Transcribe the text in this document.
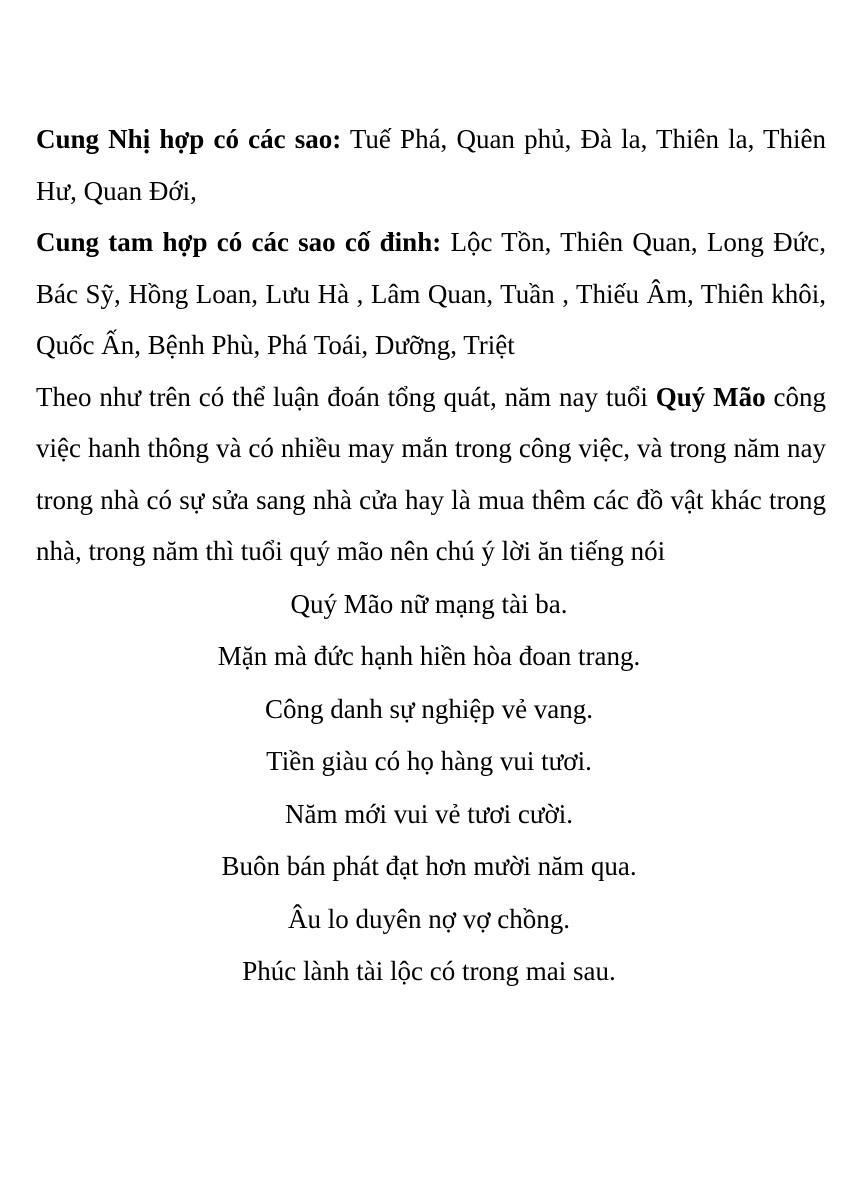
Cung Nhị hợp có các sao: Tuế Phá, Quan phủ, Đà la, Thiên la, Thiên Hư, Quan Đới,

Cung tam hợp có các sao cố đinh: Lộc Tồn, Thiên Quan, Long Đức, Bác Sỹ, Hồng Loan, Lưu Hà , Lâm Quan, Tuần , Thiếu Âm, Thiên khôi, Quốc Ấn, Bệnh Phù, Phá Toái, Dưỡng, Triệt

Theo như trên có thể luận đoán tổng quát, năm nay tuổi Quý Mão công việc hanh thông và có nhiều may mắn trong công việc, và trong năm nay trong nhà có sự sửa sang nhà cửa hay là mua thêm các đồ vật khác trong nhà, trong năm thì tuổi quý mão nên chú ý lời ăn tiếng nói

Quý Mão nữ mạng tài ba.
Mặn mà đức hạnh hiền hòa đoan trang.
Công danh sự nghiệp vẻ vang.
Tiền giàu có họ hàng vui tươi.
Năm mới vui vẻ tươi cười.
Buôn bán phát đạt hơn mười năm qua.
Âu lo duyên nợ vợ chồng.
Phúc lành tài lộc có trong mai sau.
